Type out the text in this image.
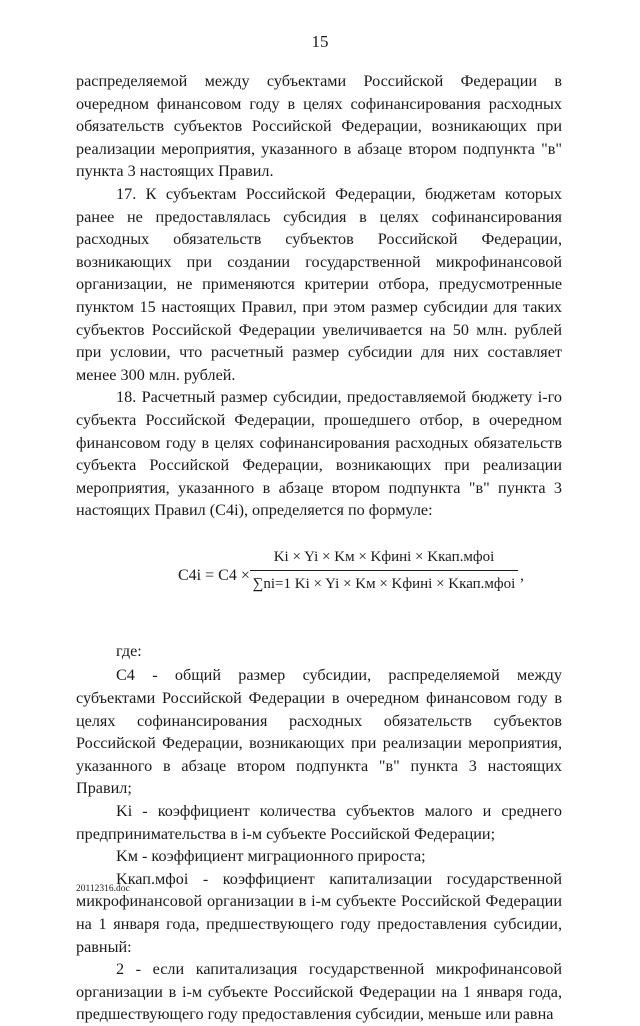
15

распределяемой между субъектами Российской Федерации в очередном финансовом году в целях софинансирования расходных обязательств субъектов Российской Федерации, возникающих при реализации мероприятия, указанного в абзаце втором подпункта "в" пункта 3 настоящих Правил.

17. К субъектам Российской Федерации, бюджетам которых ранее не предоставлялась субсидия в целях софинансирования расходных обязательств субъектов Российской Федерации, возникающих при создании государственной микрофинансовой организации, не применяются критерии отбора, предусмотренные пунктом 15 настоящих Правил, при этом размер субсидии для таких субъектов Российской Федерации увеличивается на 50 млн. рублей при условии, что расчетный размер субсидии для них составляет менее 300 млн. рублей.

18. Расчетный размер субсидии, предоставляемой бюджету i-го субъекта Российской Федерации, прошедшего отбор, в очередном финансовом году в целях софинансирования расходных обязательств субъекта Российской Федерации, возникающих при реализации мероприятия, указанного в абзаце втором подпункта "в" пункта 3 настоящих Правил (C4i), определяется по формуле:

C4i = C4 ×
Ki × Yi × Kм × Kфинi × Kкап.мфоi
∑ni=1 Ki × Yi × Kм × Kфинi × Kкап.мфоi
,

где:

C4 - общий размер субсидии, распределяемой между субъектами Российской Федерации в очередном финансовом году в целях софинансирования расходных обязательств субъектов Российской Федерации, возникающих при реализации мероприятия, указанного в абзаце втором подпункта "в" пункта 3 настоящих Правил;

Ki - коэффициент количества субъектов малого и среднего предпринимательства в i-м субъекте Российской Федерации;

Kм - коэффициент миграционного прироста;

Kкап.мфоi - коэффициент капитализации государственной микрофинансовой организации в i-м субъекте Российской Федерации на 1 января года, предшествующего году предоставления субсидии, равный:

2 - если капитализация государственной микрофинансовой организации в i-м субъекте Российской Федерации на 1 января года, предшествующего году предоставления субсидии, меньше или равна

20112316.doc
